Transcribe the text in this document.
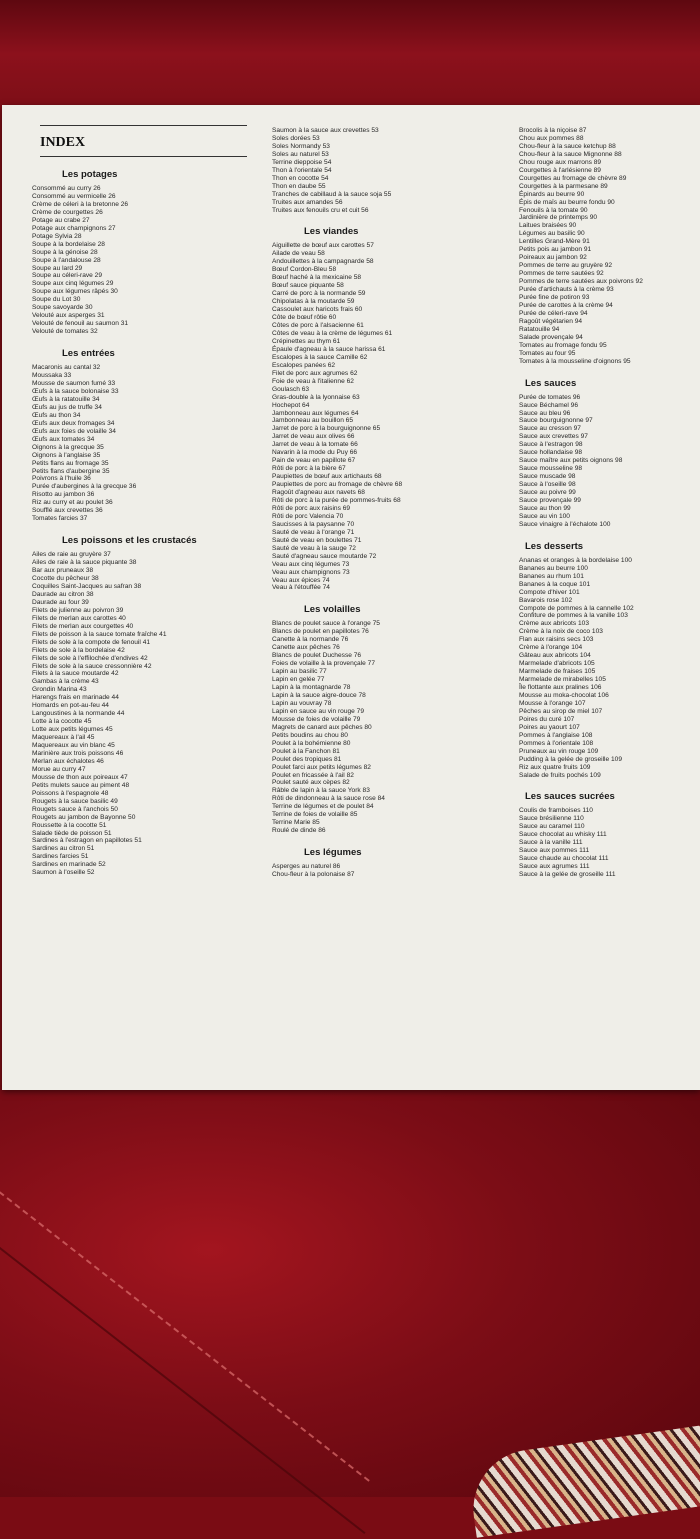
INDEX
Les potages
Consommé au curry 26
Consommé au vermicelle 26
Crème de céleri à la bretonne 26
Crème de courgettes 26
Potage au crabe 27
Potage aux champignons 27
Potage Sylvia 28
Soupe à la bordelaise 28
Soupe à la génoise 28
Soupe à l'andalouse 28
Soupe au lard 29
Soupe au céleri-rave 29
Soupe aux cinq légumes 29
Soupe aux légumes râpés 30
Soupe du Lot 30
Soupe savoyarde 30
Velouté aux asperges 31
Velouté de fenouil au saumon 31
Velouté de tomates 32
Les entrées
Macaronis au cantal 32
Moussaka 33
Mousse de saumon fumé 33
Œufs à la sauce bolonaise 33
Œufs à la ratatouille 34
Œufs au jus de truffe 34
Œufs au thon 34
Œufs aux deux fromages 34
Œufs aux foies de volaille 34
Œufs aux tomates 34
Oignons à la grecque 35
Oignons à l'anglaise 35
Petits flans au fromage 35
Petits flans d'aubergine 35
Poivrons à l'huile 36
Purée d'aubergines à la grecque 36
Risotto au jambon 36
Riz au curry et au poulet 36
Soufflé aux crevettes 36
Tomates farcies 37
Les poissons et les crustacés
Ailes de raie au gruyère 37
Ailes de raie à la sauce piquante 38
Bar aux pruneaux 38
Cocotte du pêcheur 38
Coquilles Saint-Jacques au safran 38
Daurade au citron 38
Daurade au four 39
Filets de julienne au poivron 39
Filets de merlan aux carottes 40
Filets de merlan aux courgettes 40
Filets de poisson à la sauce tomate fraîche 41
Filets de sole à la compote de fenouil 41
Filets de sole à la bordelaise 42
Filets de sole à l'effilochée d'endives 42
Filets de sole à la sauce cressonnière 42
Filets à la sauce moutarde 42
Gambas à la crème 43
Grondin Marina 43
Harengs frais en marinade 44
Homards en pot-au-feu 44
Langoustines à la normande 44
Lotte à la cocotte 45
Lotte aux petits légumes 45
Maquereaux à l'ail 45
Maquereaux au vin blanc 45
Marinière aux trois poissons 46
Merlan aux échalotes 46
Morue au curry 47
Mousse de thon aux poireaux 47
Petits mulets sauce au piment 48
Poissons à l'espagnole 48
Rougets à la sauce basilic 49
Rougets sauce à l'anchois 50
Rougets au jambon de Bayonne 50
Roussette à la cocotte 51
Salade tiède de poisson 51
Sardines à l'estragon en papillotes 51
Sardines au citron 51
Sardines farcies 51
Sardines en marinade 52
Saumon à l'oseille 52
Saumon à la sauce aux crevettes 53
Soles dorées 53
Soles Normandy 53
Soles au naturel 53
Terrine dieppoise 54
Thon à l'orientale 54
Thon en cocotte 54
Thon en daube 55
Tranches de cabillaud à la sauce soja 55
Truites aux amandes 56
Truites aux fenouils cru et cuit 56
Les viandes
Aiguillette de bœuf aux carottes 57
Ailade de veau 58
Andouillettes à la campagnarde 58
Bœuf Cordon-Bleu 58
Bœuf haché à la mexicaine 58
Bœuf sauce piquante 58
Carré de porc à la normande 59
Chipolatas à la moutarde 59
Cassoulet aux haricots frais 60
Côte de bœuf rôtie 60
Côtes de porc à l'alsacienne 61
Côtes de veau à la crème de légumes 61
Crépinettes au thym 61
Épaule d'agneau à la sauce harissa 61
Escalopes à la sauce Camille 62
Escalopes panées 62
Filet de porc aux agrumes 62
Foie de veau à l'italienne 62
Goulasch 63
Gras-double à la lyonnaise 63
Hochepot 64
Jambonneau aux légumes 64
Jambonneau au bouillon 65
Jarret de porc à la bourguignonne 65
Jarret de veau aux olives 66
Jarret de veau à la tomate 66
Navarin à la mode du Puy 66
Pain de veau en papillote 67
Rôti de porc à la bière 67
Paupiettes de bœuf aux artichauts 68
Paupiettes de porc au fromage de chèvre 68
Ragoût d'agneau aux navets 68
Rôti de porc à la purée de pommes-fruits 68
Rôti de porc aux raisins 69
Rôti de porc Valencia 70
Saucisses à la paysanne 70
Sauté de veau à l'orange 71
Sauté de veau en boulettes 71
Sauté de veau à la sauge 72
Sauté d'agneau sauce moutarde 72
Veau aux cinq légumes 73
Veau aux champignons 73
Veau aux épices 74
Veau à l'étouffée 74
Les volailles
Blancs de poulet sauce à l'orange 75
Blancs de poulet en papillotes 76
Canette à la normande 76
Canette aux pêches 76
Blancs de poulet Duchesse 76
Foies de volaille à la provençale 77
Lapin au basilic 77
Lapin en gelée 77
Lapin à la montagnarde 78
Lapin à la sauce aigre-douce 78
Lapin au vouvray 78
Lapin en sauce au vin rouge 79
Mousse de foies de volaille 79
Magrets de canard aux pêches 80
Petits boudins au chou 80
Poulet à la bohémienne 80
Poulet à la Fanchon 81
Poulet des tropiques 81
Poulet farci aux petits légumes 82
Poulet en fricassée à l'ail 82
Poulet sauté aux cèpes 82
Râble de lapin à la sauce York 83
Rôti de dindonneau à la sauce rose 84
Terrine de légumes et de poulet 84
Terrine de foies de volaille 85
Terrine Marie 85
Roulé de dinde 86
Les légumes
Asperges au naturel 86
Chou-fleur à la polonaise 87
Brocolis à la niçoise 87
Chou aux pommes 88
Chou-fleur à la sauce ketchup 88
Chou-fleur à la sauce Mignonne 88
Chou rouge aux marrons 89
Courgettes à l'arlésienne 89
Courgettes au fromage de chèvre 89
Courgettes à la parmesane 89
Épinards au beurre 90
Épis de maïs au beurre fondu 90
Fenouils à la tomate 90
Jardinière de printemps 90
Laitues braisées 90
Légumes au basilic 90
Lentilles Grand-Mère 91
Petits pois au jambon 91
Poireaux au jambon 92
Pommes de terre au gruyère 92
Pommes de terre sautées 92
Pommes de terre sautées aux poivrons 92
Purée d'artichauts à la crème 93
Purée fine de potiron 93
Purée de carottes à la crème 94
Purée de céleri-rave 94
Ragoût végétarien 94
Ratatouille 94
Salade provençale 94
Tomates au fromage fondu 95
Tomates au four 95
Tomates à la mousseline d'oignons 95
Les sauces
Purée de tomates 96
Sauce Béchamel 96
Sauce au bleu 96
Sauce bourguignonne 97
Sauce au cresson 97
Sauce aux crevettes 97
Sauce à l'estragon 98
Sauce hollandaise 98
Sauce maître aux petits oignons 98
Sauce mousseline 98
Sauce muscade 98
Sauce à l'oseille 98
Sauce au poivre 99
Sauce provençale 99
Sauce au thon 99
Sauce au vin 100
Sauce vinaigre à l'échalote 100
Les desserts
Ananas et oranges à la bordelaise 100
Bananes au beurre 100
Bananes au rhum 101
Bananes à la coque 101
Compote d'hiver 101
Bavarois rose 102
Compote de pommes à la cannelle 102
Confiture de pommes à la vanille 103
Crème aux abricots 103
Crème à la noix de coco 103
Flan aux raisins secs 103
Crème à l'orange 104
Gâteau aux abricots 104
Marmelade d'abricots 105
Marmelade de fraises 105
Marmelade de mirabelles 105
Île flottante aux pralines 106
Mousse au moka-chocolat 106
Mousse à l'orange 107
Pêches au sirop de miel 107
Poires du curé 107
Poires au yaourt 107
Pommes à l'anglaise 108
Pommes à l'orientale 108
Pruneaux au vin rouge 109
Pudding à la gelée de groseille 109
Riz aux quatre fruits 109
Salade de fruits pochés 109
Les sauces sucrées
Coulis de framboises 110
Sauce brésilienne 110
Sauce au caramel 110
Sauce chocolat au whisky 111
Sauce à la vanille 111
Sauce aux pommes 111
Sauce chaude au chocolat 111
Sauce aux agrumes 111
Sauce à la gelée de groseille 111
